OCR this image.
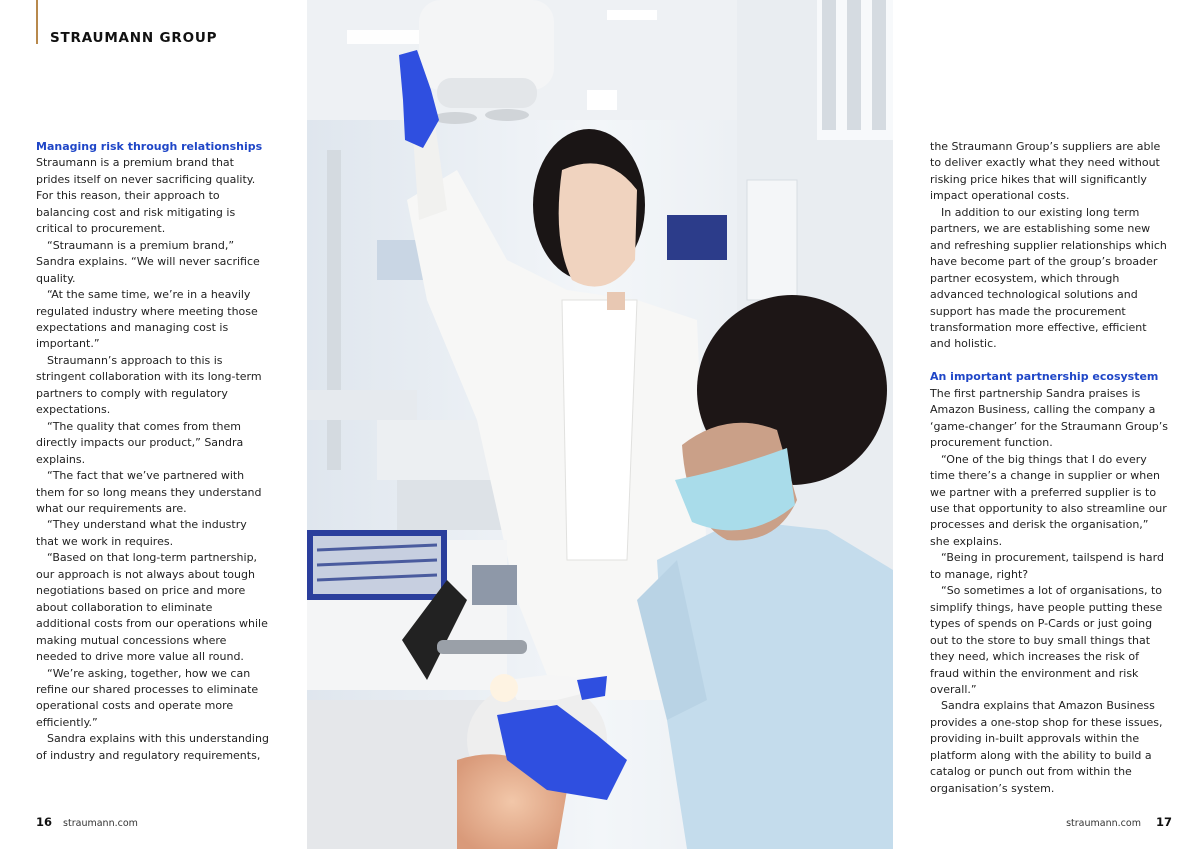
STRAUMANN GROUP
Managing risk through relationships

Straumann is a premium brand that prides itself on never sacrificing quality. For this reason, their approach to balancing cost and risk mitigating is critical to procurement.

“Straumann is a premium brand,” Sandra explains. “We will never sacrifice quality.

“At the same time, we’re in a heavily regulated industry where meeting those expectations and managing cost is important.”

Straumann’s approach to this is stringent collaboration with its long-term partners to comply with regulatory expectations.

“The quality that comes from them directly impacts our product,” Sandra explains.

“The fact that we’ve partnered with them for so long means they understand what our requirements are.

“They understand what the industry that we work in requires.

“Based on that long-term partnership, our approach is not always about tough negotiations based on price and more about collaboration to eliminate additional costs from our operations while making mutual concessions where needed to drive more value all round.

“We’re asking, together, how we can refine our shared processes to eliminate operational costs and operate more efficiently.”

Sandra explains with this understanding of industry and regulatory requirements,

the Straumann Group’s suppliers are able to deliver exactly what they need without risking price hikes that will significantly impact operational costs.

In addition to our existing long term partners, we are establishing some new and refreshing supplier relationships which have become part of the group’s broader partner ecosystem, which through advanced technological solutions and support has made the procurement transformation more effective, efficient and holistic.

An important partnership ecosystem

The first partnership Sandra praises is Amazon Business, calling the company a ‘game-changer’ for the Straumann Group’s procurement function.

“One of the big things that I do every time there’s a change in supplier or when we partner with a preferred supplier is to use that opportunity to also streamline our processes and derisk the organisation,” she explains.

“Being in procurement, tailspend is hard to manage, right?

“So sometimes a lot of organisations, to simplify things, have people putting these types of spends on P-Cards or just going out to the store to buy small things that they need, which increases the risk of fraud within the environment and risk overall.”

Sandra explains that Amazon Business provides a one-stop shop for these issues, providing in-built approvals within the platform along with the ability to build a catalog or punch out from within the organisation’s system.

16 straumann.com	straumann.com 17
